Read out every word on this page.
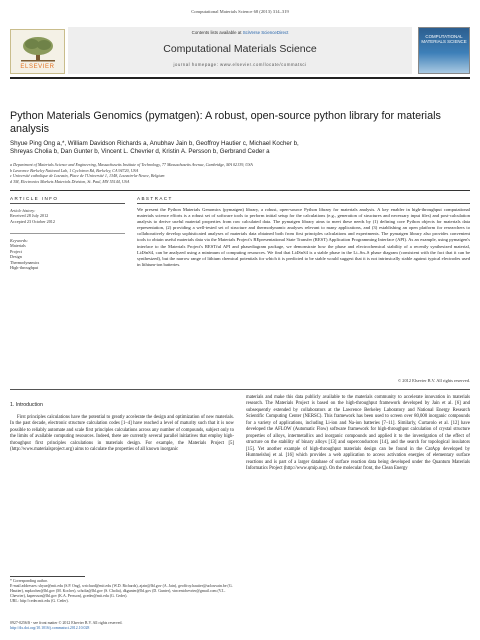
Computational Materials Science 68 (2013) 314–319
ELSEVIER
Contents lists available at SciVerse ScienceDirect
Computational Materials Science
journal homepage: www.elsevier.com/locate/commatsci
COMPUTATIONAL MATERIALS SCIENCE
Python Materials Genomics (pymatgen): A robust, open-source python library for materials analysis
Shyue Ping Ong a,*, William Davidson Richards a, Anubhav Jain b, Geoffroy Hautier c, Michael Kocher b,
Shreyas Cholia b, Dan Gunter b, Vincent L. Chevrier d, Kristin A. Persson b, Gerbrand Ceder a
a Department of Materials Science and Engineering, Massachusetts Institute of Technology, 77 Massachusetts Avenue, Cambridge, MA 02139, USA
b Lawrence Berkeley National Lab, 1 Cyclotron Rd, Berkeley, CA 94720, USA
c Université catholique de Louvain, Place de l'Université 1, 1348, Louvain-la-Neuve, Belgium
d 3M, Electronics Markets Materials Division, St. Paul, MN 55144, USA
ARTICLE INFO	ABSTRACT
Article history:
Received 28 July 2012
Accepted 23 October 2012
Keywords:
Materials
Project
Design
Thermodynamics
High-throughput
We present the Python Materials Genomics (pymatgen) library, a robust, open-source Python library for materials analysis. A key enabler in high-throughput computational materials science efforts is a robust set of software tools to perform initial setup for the calculations (e.g., generation of structures and necessary input files) and post-calculation analysis to derive useful material properties from raw calculated data. The pymatgen library aims to meet these needs by (1) defining core Python objects for materials data representation, (2) providing a well-tested set of structure and thermodynamic analyses relevant to many applications, and (3) establishing an open platform for researchers to collaboratively develop sophisticated analyses of materials data obtained both from first principles calculations and experiments. The pymatgen library also provides convenient tools to obtain useful materials data via the Materials Project's REpresentational State Transfer (REST) Application Programming Interface (API). As an example, using pymatgen's interface to the Materials Project's RESTful API and phasediagram package, we demonstrate how the phase and electrochemical stability of a recently synthesized material, Li4SnS4, can be analyzed using a minimum of computing resources. We find that Li4SnS4 is a stable phase in the Li–Sn–S phase diagram (consistent with the fact that it can be synthesized), but the narrow range of lithium chemical potentials for which it is predicted to be stable would suggest that it is not intrinsically stable against typical electrodes used in lithium-ion batteries.
© 2012 Elsevier B.V. All rights reserved.
1. Introduction
First principles calculations have the potential to greatly accelerate the design and optimization of new materials. In the past decade, electronic structure calculation codes [1–4] have reached a level of maturity such that it is now possible to reliably automate and scale first principles calculations across any number of compounds, subject only to the limits of available computing resources. Indeed, there are currently several parallel initiatives that employ high-throughput first principles calculations in materials design. For example, the Materials Project [5] (http://www.materialsproject.org) aims to calculate the properties of all known inorganic
materials and make this data publicly available to the materials community to accelerate innovation in materials research. The Materials Project is based on the high-throughput framework developed by Jain et al. [6] and subsequently extended by collaborators at the Lawrence Berkeley Laboratory and National Energy Research Scientific Computing Center (NERSC). This framework has been used to screen over 80,000 inorganic compounds for a variety of applications, including Li-ion and Na-ion batteries [7–11]. Similarly, Curtarolo et al. [12] have developed the AFLOW (Automatic Flow) software framework for high-throughput calculation of crystal structure properties of alloys, intermetallics and inorganic compounds and applied it to the investigation of the effect of structure on the stability of binary alloys [13] and superconductors [14], and the search for topological insulators [15]. Yet another example of high-throughput materials design can be found in the CatApp developed by Hummelshoj et al. [16] which provides a web application to access activation energies of elementary surface reactions and is part of a larger database of surface reaction data being developed under the Quantum Materials Informatics Project (http://www.qmip.org). On the molecular front, the Clean Energy
* Corresponding author.
E-mail addresses: shyue@mit.edu (S.P. Ong), wrichard@mit.edu (W.D. Richards), ajain@lbl.gov (A. Jain), geoffroy.hautier@uclouvain.be (G. Hautier), mpkocher@lbl.gov (M. Kocher), scholia@lbl.gov (S. Cholia), dkgunter@lbl.gov (D. Gunter), vincentchevrier@gmail.com (V.L. Chevrier), kapersson@lbl.gov (K.A. Persson), gceder@mit.edu (G. Ceder).
URL: http://ceder.mit.edu (G. Ceder).
0927-0256/$ - see front matter © 2012 Elsevier B.V. All rights reserved.
http://dx.doi.org/10.1016/j.commatsci.2012.10.028
